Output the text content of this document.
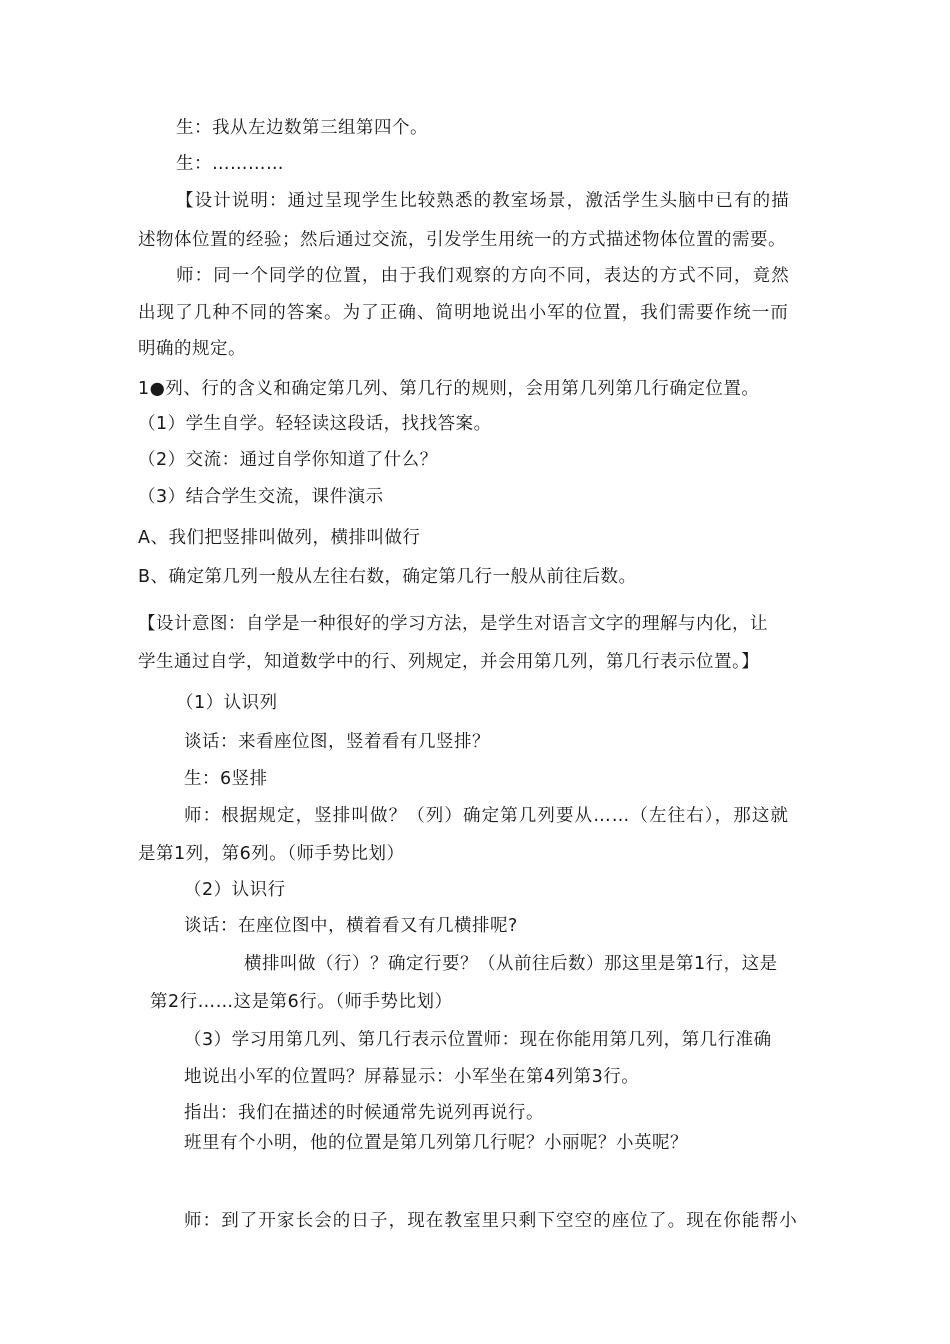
生：我从左边数第三组第四个。
生：…………
【设计说明：通过呈现学生比较熟悉的教室场景，激活学生头脑中已有的描
述物体位置的经验；然后通过交流，引发学生用统一的方式描述物体位置的需要。
师：同一个同学的位置，由于我们观察的方向不同，表达的方式不同，竟然
出现了几种不同的答案。为了正确、简明地说出小军的位置，我们需要作统一而
明确的规定。
1●列、行的含义和确定第几列、第几行的规则，会用第几列第几行确定位置。
（1）学生自学。轻轻读这段话，找找答案。
（2）交流：通过自学你知道了什么？
（3）结合学生交流，课件演示
A、我们把竖排叫做列，横排叫做行
B、确定第几列一般从左往右数，确定第几行一般从前往后数。
【设计意图：自学是一种很好的学习方法，是学生对语言文字的理解与内化，让
学生通过自学，知道数学中的行、列规定，并会用第几列，第几行表示位置。】
（1）认识列
谈话：来看座位图，竖着看有几竖排？
生：6竖排
师：根据规定，竖排叫做？（列）确定第几列要从……（左往右），那这就
是第1列，第6列。（师手势比划）
（2）认识行
谈话：在座位图中，横着看又有几横排呢?
横排叫做（行）？确定行要？（从前往后数）那这里是第1行，这是
第2行……这是第6行。（师手势比划）
（3）学习用第几列、第几行表示位置师：现在你能用第几列，第几行准确
地说出小军的位置吗？屏幕显示：小军坐在第4列第3行。
指出：我们在描述的时候通常先说列再说行。
班里有个小明，他的位置是第几列第几行呢？小丽呢？小英呢？
师：到了开家长会的日子，现在教室里只剩下空空的座位了。现在你能帮小
